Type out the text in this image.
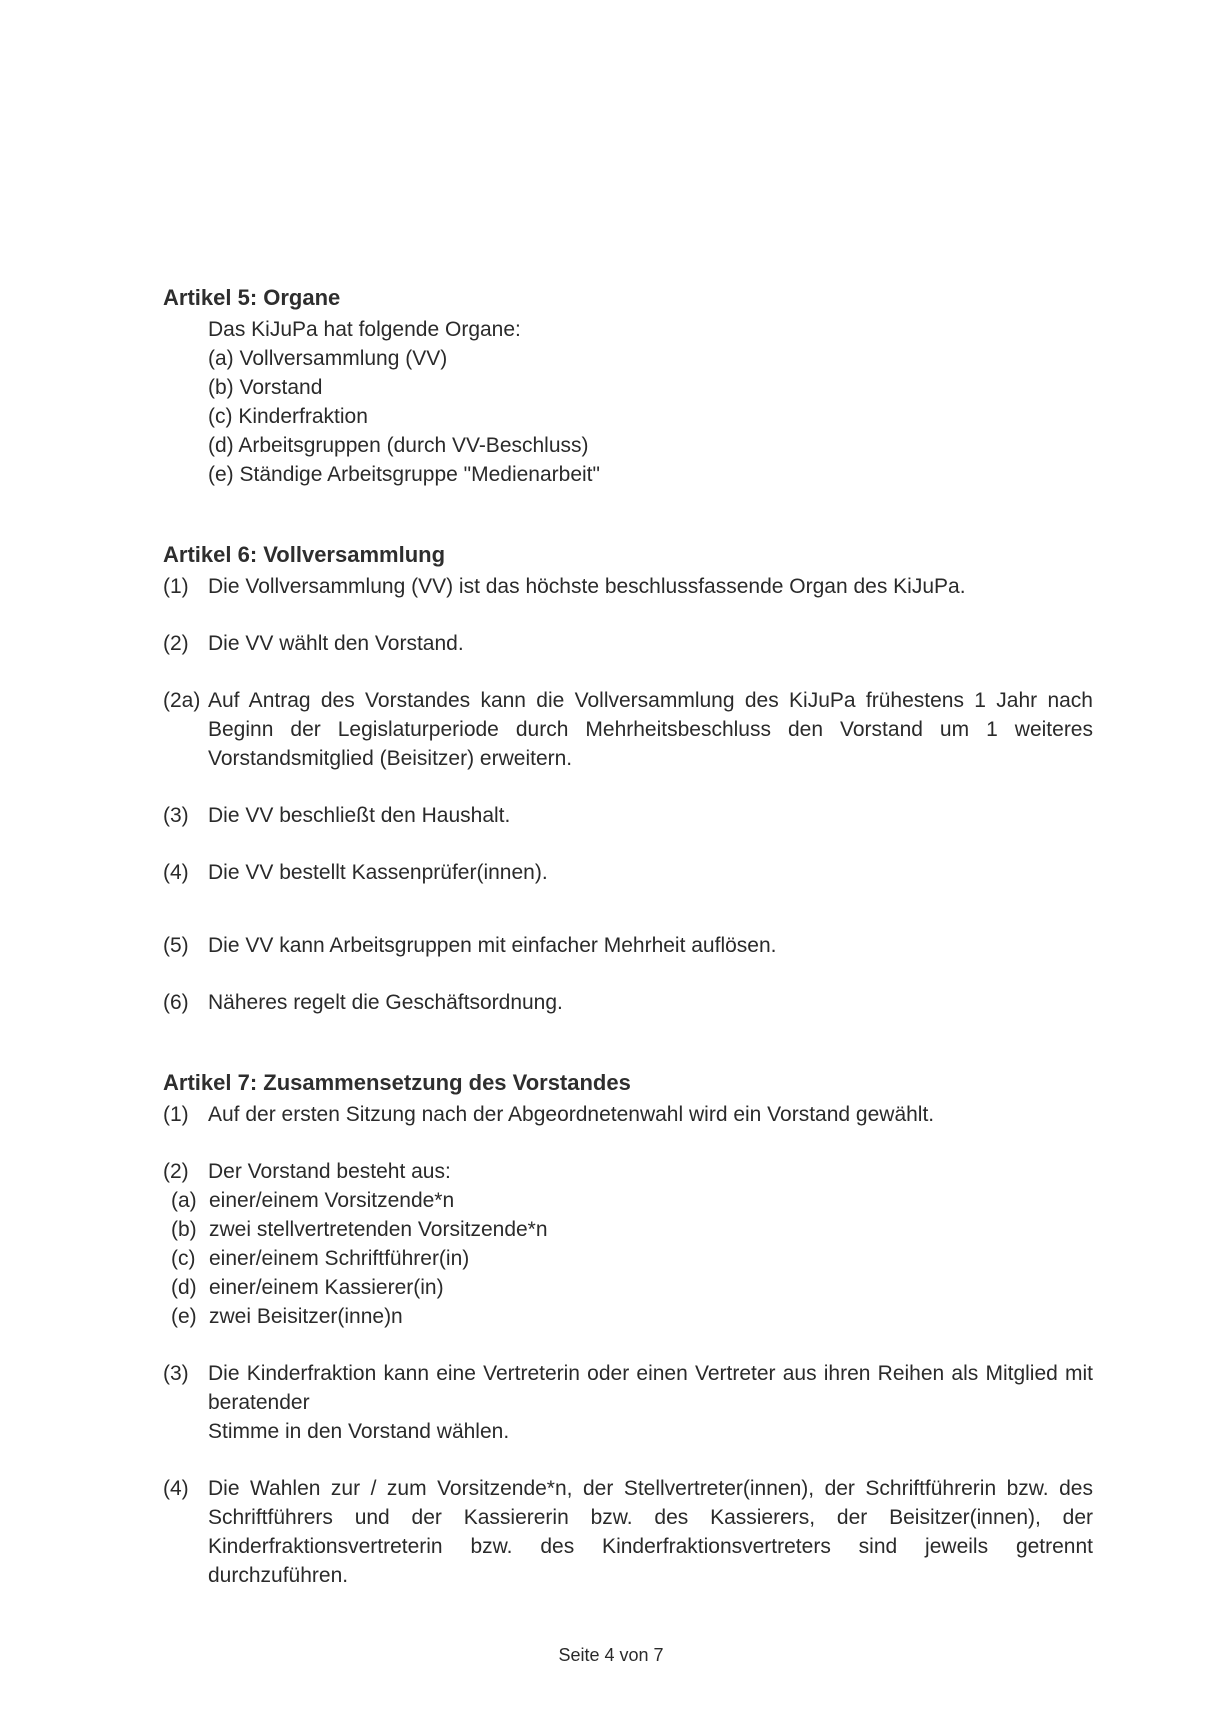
Artikel 5: Organe
Das KiJuPa hat folgende Organe:
(a) Vollversammlung (VV)
(b) Vorstand
(c) Kinderfraktion
(d) Arbeitsgruppen (durch VV-Beschluss)
(e) Ständige Arbeitsgruppe "Medienarbeit"
Artikel 6: Vollversammlung
(1) Die Vollversammlung (VV) ist das höchste beschlussfassende Organ des KiJuPa.
(2) Die VV wählt den Vorstand.
(2a) Auf Antrag des Vorstandes kann die Vollversammlung des KiJuPa frühestens 1 Jahr nach Beginn der Legislaturperiode durch Mehrheitsbeschluss den Vorstand um 1 weiteres Vorstandsmitglied (Beisitzer) erweitern.
(3) Die VV beschließt den Haushalt.
(4) Die VV bestellt Kassenprüfer(innen).
(5) Die VV kann Arbeitsgruppen mit einfacher Mehrheit auflösen.
(6) Näheres regelt die Geschäftsordnung.
Artikel 7: Zusammensetzung des Vorstandes
(1) Auf der ersten Sitzung nach der Abgeordnetenwahl wird ein Vorstand gewählt.
(2) Der Vorstand besteht aus:
(a) einer/einem Vorsitzende*n
(b) zwei stellvertretenden Vorsitzende*n
(c) einer/einem Schriftführer(in)
(d) einer/einem Kassierer(in)
(e) zwei Beisitzer(inne)n
(3) Die Kinderfraktion kann eine Vertreterin oder einen Vertreter aus ihren Reihen als Mitglied mit
beratender
Stimme in den Vorstand wählen.
(4) Die Wahlen zur / zum Vorsitzende*n, der Stellvertreter(innen), der Schriftführerin bzw. des Schriftführers und der Kassiererin bzw. des Kassierers, der Beisitzer(innen), der Kinderfraktionsvertreterin bzw. des Kinderfraktionsvertreters sind jeweils getrennt durchzuführen.
Seite 4 von 7
